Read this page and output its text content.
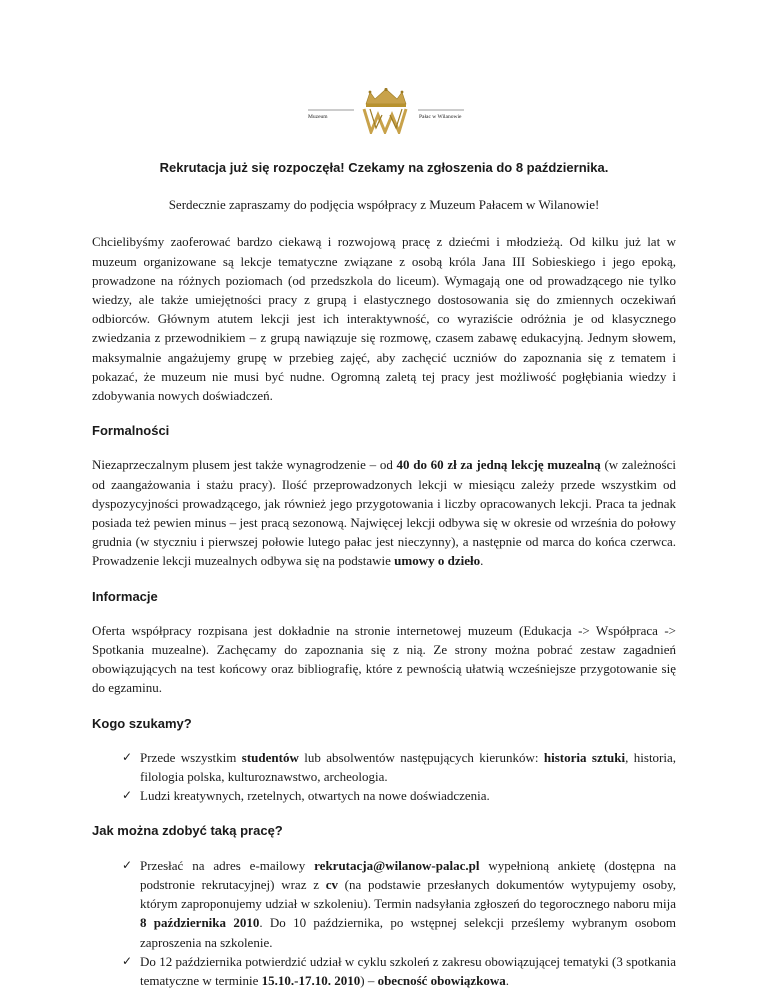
Muzeum	Pałac w Wilanowie

Rekrutacja już się rozpoczęła! Czekamy na zgłoszenia do 8 października.

Serdecznie zapraszamy do podjęcia współpracy z Muzeum Pałacem w Wilanowie!

Chcielibyśmy zaoferować bardzo ciekawą i rozwojową pracę z dziećmi i młodzieżą. Od kilku już lat w muzeum organizowane są lekcje tematyczne związane z osobą króla Jana III Sobieskiego i jego epoką, prowadzone na różnych poziomach (od przedszkola do liceum). Wymagają one od prowadzącego nie tylko wiedzy, ale także umiejętności pracy z grupą i elastycznego dostosowania się do zmiennych oczekiwań odbiorców. Głównym atutem lekcji jest ich interaktywność, co wyraziście odróżnia je od klasycznego zwiedzania z przewodnikiem – z grupą nawiązuje się rozmowę, czasem zabawę edukacyjną. Jednym słowem, maksymalnie angażujemy grupę w przebieg zajęć, aby zachęcić uczniów do zapoznania się z tematem i pokazać, że muzeum nie musi być nudne. Ogromną zaletą tej pracy jest możliwość pogłębiania wiedzy i zdobywania nowych doświadczeń.

Formalności

Niezaprzeczalnym plusem jest także wynagrodzenie – od 40 do 60 zł za jedną lekcję muzealną (w zależności od zaangażowania i stażu pracy). Ilość przeprowadzonych lekcji w miesiącu zależy przede wszystkim od dyspozycyjności prowadzącego, jak również jego przygotowania i liczby opracowanych lekcji. Praca ta jednak posiada też pewien minus – jest pracą sezonową. Najwięcej lekcji odbywa się w okresie od września do połowy grudnia (w styczniu i pierwszej połowie lutego pałac jest nieczynny), a następnie od marca do końca czerwca. Prowadzenie lekcji muzealnych odbywa się na podstawie umowy o dzieło.

Informacje

Oferta współpracy rozpisana jest dokładnie na stronie internetowej muzeum (Edukacja -> Współpraca -> Spotkania muzealne). Zachęcamy do zapoznania się z nią. Ze strony można pobrać zestaw zagadnień obowiązujących na test końcowy oraz bibliografię, które z pewnością ułatwią wcześniejsze przygotowanie się do egzaminu.

Kogo szukamy?
✓ Przede wszystkim studentów lub absolwentów następujących kierunków: historia sztuki, historia, filologia polska, kulturoznawstwo, archeologia.
✓ Ludzi kreatywnych, rzetelnych, otwartych na nowe doświadczenia.
Jak można zdobyć taką pracę?
✓ Przesłać na adres e-mailowy rekrutacja@wilanow-palac.pl wypełnioną ankietę (dostępna na podstronie rekrutacyjnej) wraz z cv (na podstawie przesłanych dokumentów wytypujemy osoby, którym zaproponujemy udział w szkoleniu). Termin nadsyłania zgłoszeń do tegorocznego naboru mija 8 października 2010. Do 10 października, po wstępnej selekcji prześlemy wybranym osobom zaproszenia na szkolenie.
✓ Do 12 października potwierdzić udział w cyklu szkoleń z zakresu obowiązującej tematyki (3 spotkania tematyczne w terminie 15.10.-17.10. 2010) – obecność obowiązkowa.
